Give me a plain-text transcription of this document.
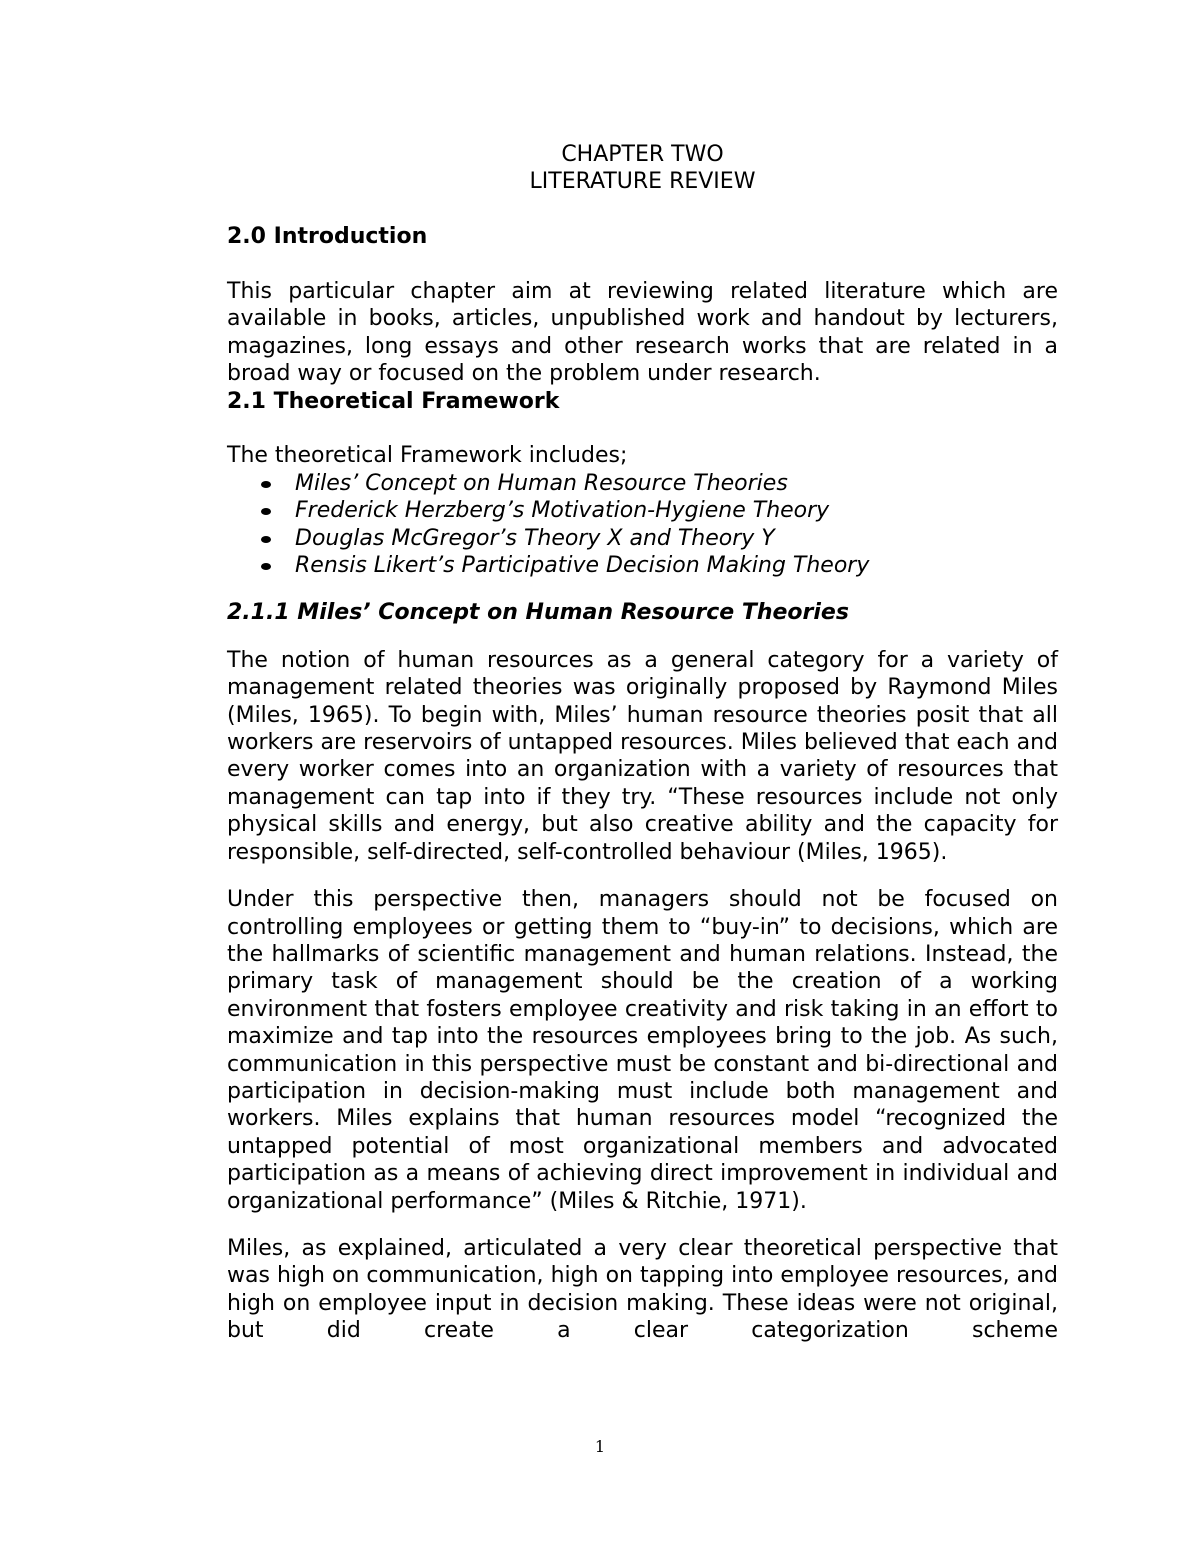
CHAPTER TWO
LITERATURE REVIEW
2.0 Introduction

This particular chapter aim at reviewing related literature which are available in books, articles, unpublished work and handout by lecturers, magazines, long essays and other research works that are related in a broad way or focused on the problem under research.

2.1 Theoretical Framework

The theoretical Framework includes;

Miles’ Concept on Human Resource Theories
Frederick Herzberg’s Motivation-Hygiene Theory
Douglas McGregor’s Theory X and Theory Y
Rensis Likert’s Participative Decision Making Theory
2.1.1 Miles’ Concept on Human Resource Theories

The notion of human resources as a general category for a variety of management related theories was originally proposed by Raymond Miles (Miles, 1965). To begin with, Miles’ human resource theories posit that all workers are reservoirs of untapped resources. Miles believed that each and every worker comes into an organization with a variety of resources that management can tap into if they try. “These resources include not only physical skills and energy, but also creative ability and the capacity for responsible, self-directed, self-controlled behaviour (Miles, 1965).

Under this perspective then, managers should not be focused on controlling employees or getting them to “buy-in” to decisions, which are the hallmarks of scientific management and human relations. Instead, the primary task of management should be the creation of a working environment that fosters employee creativity and risk taking in an effort to maximize and tap into the resources employees bring to the job. As such, communication in this perspective must be constant and bi-directional and participation in decision-making must include both management and workers. Miles explains that human resources model “recognized the untapped potential of most organizational members and advocated participation as a means of achieving direct improvement in individual and organizational performance” (Miles & Ritchie, 1971).

Miles, as explained, articulated a very clear theoretical perspective that was high on communication, high on tapping into employee resources, and high on employee input in decision making. These ideas were not original, but did create a clear categorization scheme

1
